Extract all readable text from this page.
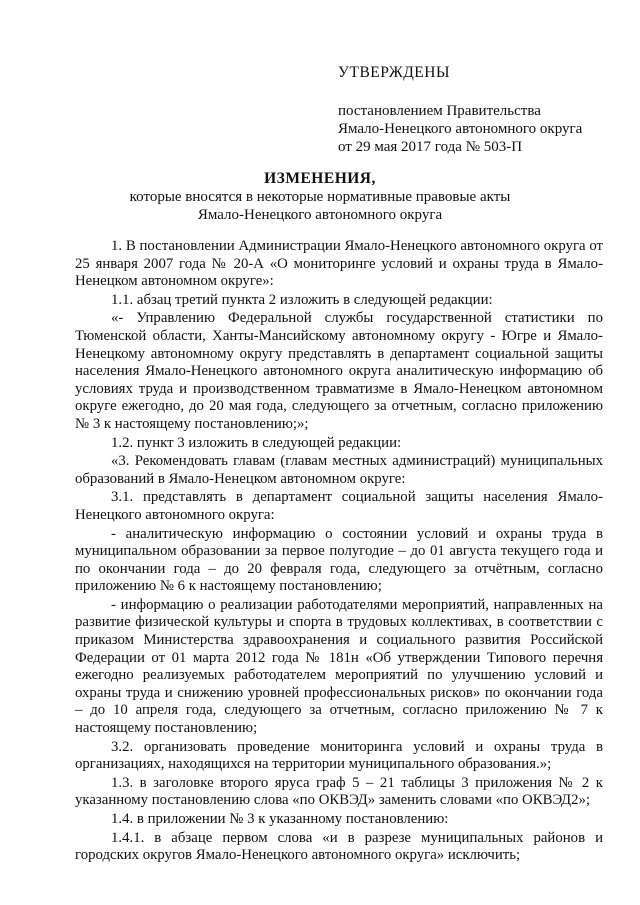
УТВЕРЖДЕНЫ
постановлением Правительства
Ямало-Ненецкого автономного округа
от 29 мая 2017 года № 503-П
ИЗМЕНЕНИЯ,
которые вносятся в некоторые нормативные правовые акты
Ямало-Ненецкого автономного округа

1. В постановлении Администрации Ямало-Ненецкого автономного округа от 25 января 2007 года № 20-А «О мониторинге условий и охраны труда в Ямало-Ненецком автономном округе»:

1.1. абзац третий пункта 2 изложить в следующей редакции:

«- Управлению Федеральной службы государственной статистики по Тюменской области, Ханты-Мансийскому автономному округу - Югре и Ямало-Ненецкому автономному округу представлять в департамент социальной защиты населения Ямало-Ненецкого автономного округа аналитическую информацию об условиях труда и производственном травматизме в Ямало-Ненецком автономном округе ежегодно, до 20 мая года, следующего за отчетным, согласно приложению № 3 к настоящему постановлению;»;

1.2. пункт 3 изложить в следующей редакции:

«3. Рекомендовать главам (главам местных администраций) муниципальных образований в Ямало-Ненецком автономном округе:

3.1. представлять в департамент социальной защиты населения Ямало-Ненецкого автономного округа:

- аналитическую информацию о состоянии условий и охраны труда в муниципальном образовании за первое полугодие – до 01 августа текущего года и по окончании года – до 20 февраля года, следующего за отчётным, согласно приложению № 6 к настоящему постановлению;

- информацию о реализации работодателями мероприятий, направленных на развитие физической культуры и спорта в трудовых коллективах, в соответствии с приказом Министерства здравоохранения и социального развития Российской Федерации от 01 марта 2012 года № 181н «Об утверждении Типового перечня ежегодно реализуемых работодателем мероприятий по улучшению условий и охраны труда и снижению уровней профессиональных рисков» по окончании года – до 10 апреля года, следующего за отчетным, согласно приложению № 7 к настоящему постановлению;

3.2. организовать проведение мониторинга условий и охраны труда в организациях, находящихся на территории муниципального образования.»;

1.3. в заголовке второго яруса граф 5 – 21 таблицы 3 приложения № 2 к указанному постановлению слова «по ОКВЭД» заменить словами «по ОКВЭД2»;

1.4. в приложении № 3 к указанному постановлению:

1.4.1. в абзаце первом слова «и в разрезе муниципальных районов и городских округов Ямало-Ненецкого автономного округа» исключить;
